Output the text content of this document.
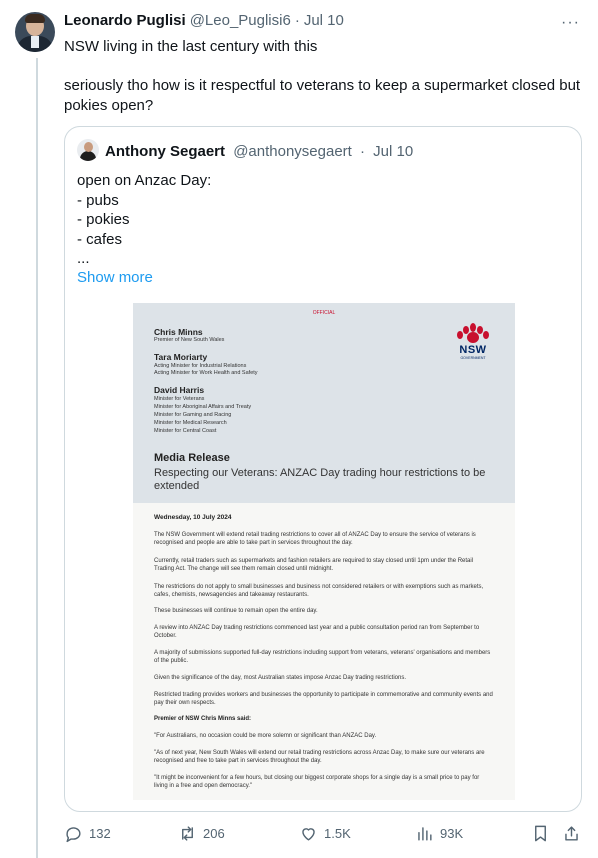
Leonardo Puglisi @Leo_Puglisi6 · Jul 10	···
NSW living in the last century with this
seriously tho how is it respectful to veterans to keep a supermarket closed but
pokies open?
Anthony Segaert @anthonysegaert · Jul 10
open on Anzac Day:
- pubs
- pokies
- cafes
...
Show more
OFFICIAL
Chris Minns
Premier of New South Wales
Tara Moriarty
Acting Minister for Industrial Relations
Acting Minister for Work Health and Safety
David Harris
Minister for Veterans
Minister for Aboriginal Affairs and Treaty
Minister for Gaming and Racing
Minister for Medical Research
Minister for Central Coast
NSW
GOVERNMENT
Media Release
Respecting our Veterans: ANZAC Day trading hour restrictions to be extended
Wednesday, 10 July 2024
The NSW Government will extend retail trading restrictions to cover all of ANZAC Day to ensure the service of veterans is recognised and people are able to take part in services throughout the day.
Currently, retail traders such as supermarkets and fashion retailers are required to stay closed until 1pm under the Retail Trading Act. The change will see them remain closed until midnight.
The restrictions do not apply to small businesses and business not considered retailers or with exemptions such as markets, cafes, chemists, newsagencies and takeaway restaurants.
These businesses will continue to remain open the entire day.
A review into ANZAC Day trading restrictions commenced last year and a public consultation period ran from September to October.
A majority of submissions supported full-day restrictions including support from veterans, veterans' organisations and members of the public.
Given the significance of the day, most Australian states impose Anzac Day trading restrictions.
Restricted trading provides workers and businesses the opportunity to participate in commemorative and community events and pay their own respects.
Premier of NSW Chris Minns said:
"For Australians, no occasion could be more solemn or significant than ANZAC Day.
"As of next year, New South Wales will extend our retail trading restrictions across Anzac Day, to make sure our veterans are recognised and free to take part in services throughout the day.
"It might be inconvenient for a few hours, but closing our biggest corporate shops for a single day is a small price to pay for living in a free and open democracy."
132	206	1.5K	93K
